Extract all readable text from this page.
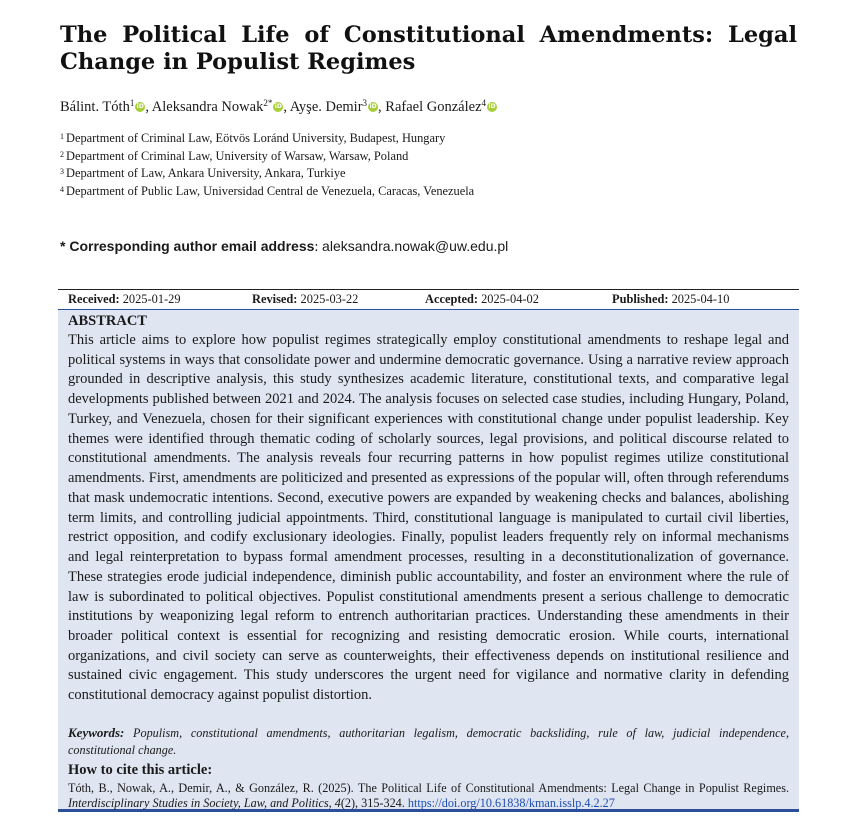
The Political Life of Constitutional Amendments: Legal Change in Populist Regimes
Bálint. Tóth$^1$ iD, Aleksandra Nowak$^{2*}$ iD, Ayşe. Demir$^3$ iD, Rafael González$^4$ iD
$^1$ Department of Criminal Law, Eötvös Loránd University, Budapest, Hungary
$^2$ Department of Criminal Law, University of Warsaw, Warsaw, Poland
$^3$ Department of Law, Ankara University, Ankara, Turkiye
$^4$ Department of Public Law, Universidad Central de Venezuela, Caracas, Venezuela
* Corresponding author email address: aleksandra.nowak@uw.edu.pl
Received: 2025-01-29	Revised: 2025-03-22	Accepted: 2025-04-02	Published: 2025-04-10
ABSTRACT

This article aims to explore how populist regimes strategically employ constitutional amendments to reshape legal and political systems in ways that consolidate power and undermine democratic governance. Using a narrative review approach grounded in descriptive analysis, this study synthesizes academic literature, constitutional texts, and comparative legal developments published between 2021 and 2024. The analysis focuses on selected case studies, including Hungary, Poland, Turkey, and Venezuela, chosen for their significant experiences with constitutional change under populist leadership. Key themes were identified through thematic coding of scholarly sources, legal provisions, and political discourse related to constitutional amendments. The analysis reveals four recurring patterns in how populist regimes utilize constitutional amendments. First, amendments are politicized and presented as expressions of the popular will, often through referendums that mask undemocratic intentions. Second, executive powers are expanded by weakening checks and balances, abolishing term limits, and controlling judicial appointments. Third, constitutional language is manipulated to curtail civil liberties, restrict opposition, and codify exclusionary ideologies. Finally, populist leaders frequently rely on informal mechanisms and legal reinterpretation to bypass formal amendment processes, resulting in a deconstitutionalization of governance. These strategies erode judicial independence, diminish public accountability, and foster an environment where the rule of law is subordinated to political objectives. Populist constitutional amendments present a serious challenge to democratic institutions by weaponizing legal reform to entrench authoritarian practices. Understanding these amendments in their broader political context is essential for recognizing and resisting democratic erosion. While courts, international organizations, and civil society can serve as counterweights, their effectiveness depends on institutional resilience and sustained civic engagement. This study underscores the urgent need for vigilance and normative clarity in defending constitutional democracy against populist distortion.

Keywords: Populism, constitutional amendments, authoritarian legalism, democratic backsliding, rule of law, judicial independence, constitutional change.
How to cite this article:
Tóth, B., Nowak, A., Demir, A., & González, R. (2025). The Political Life of Constitutional Amendments: Legal Change in Populist Regimes. Interdisciplinary Studies in Society, Law, and Politics, 4(2), 315-324. https://doi.org/10.61838/kman.isslp.4.2.27
